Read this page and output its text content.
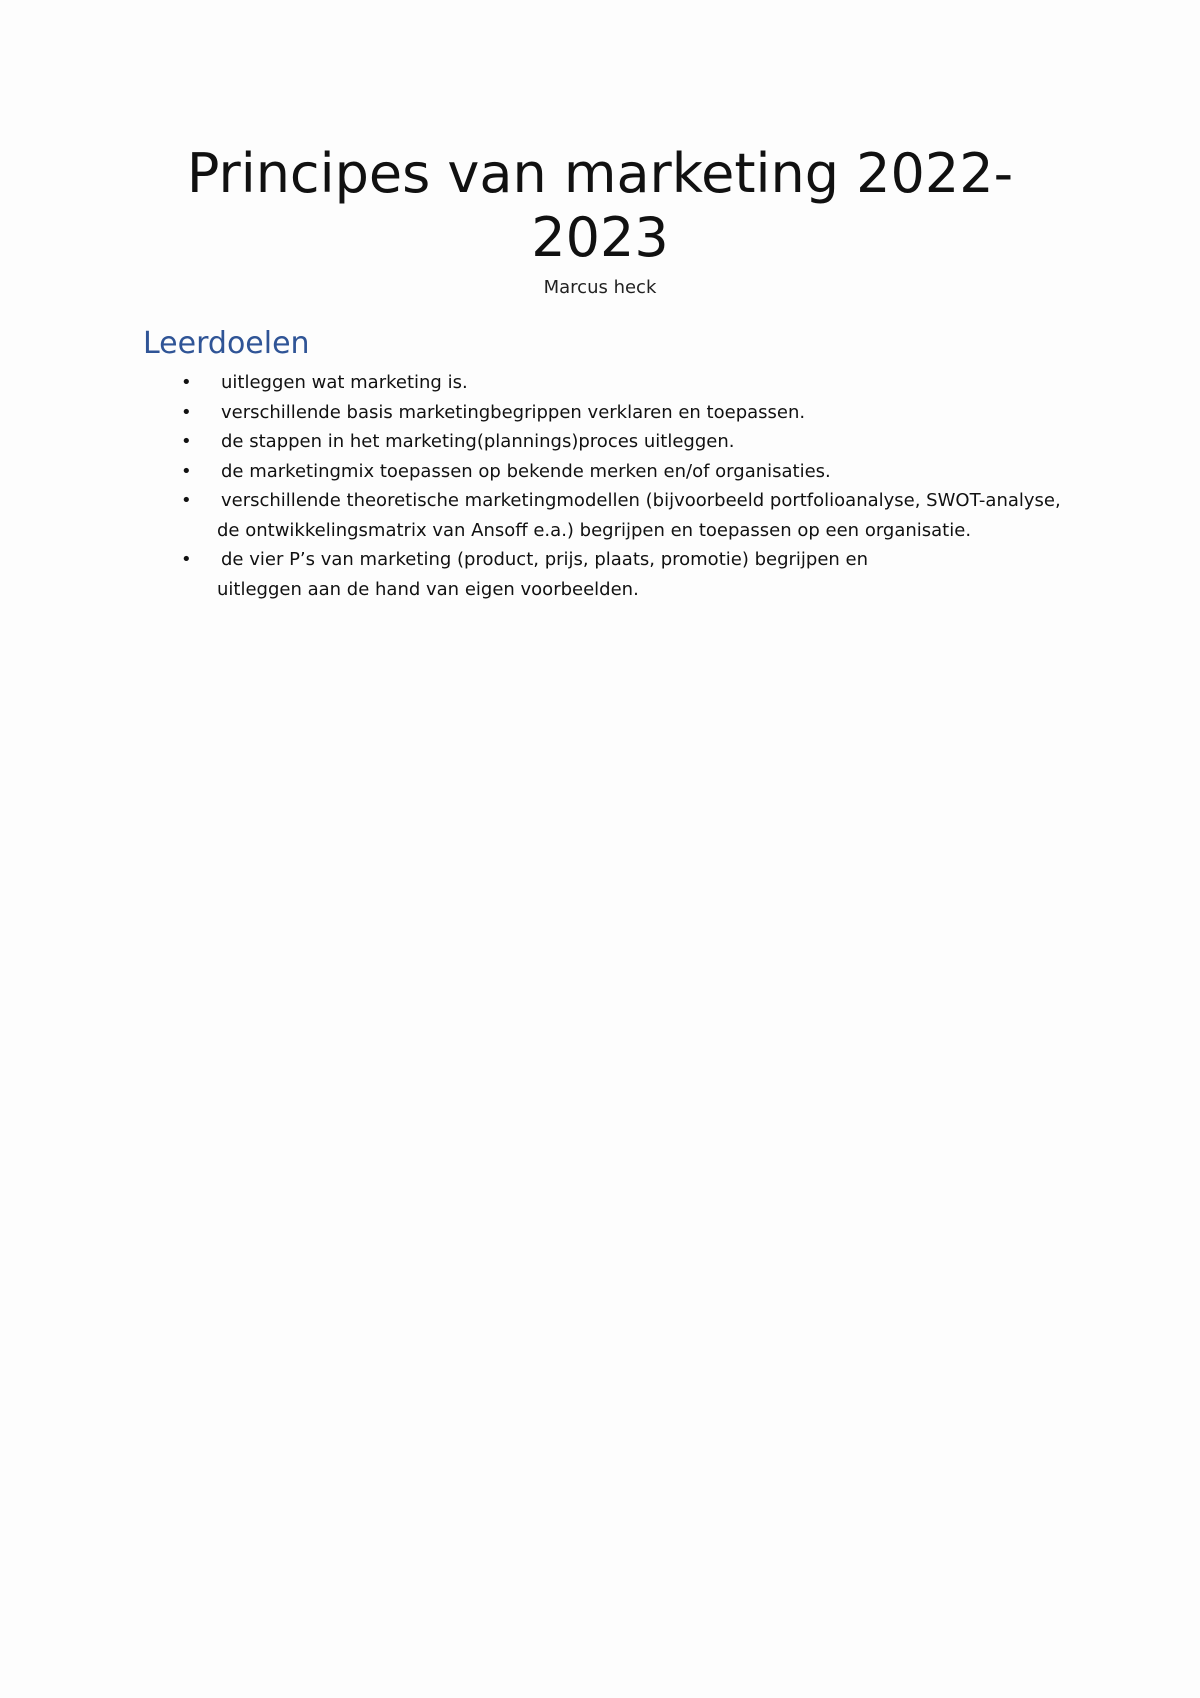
Principes van marketing 2022-
2023
Marcus heck
Leerdoelen
• uitleggen wat marketing is.
• verschillende basis marketingbegrippen verklaren en toepassen.
• de stappen in het marketing(plannings)proces uitleggen.
• de marketingmix toepassen op bekende merken en/of organisaties.
• verschillende theoretische marketingmodellen (bijvoorbeeld portfolioanalyse, SWOT-analyse,
de ontwikkelingsmatrix van Ansoff e.a.) begrijpen en toepassen op een organisatie.
• de vier P’s van marketing (product, prijs, plaats, promotie) begrijpen en
uitleggen aan de hand van eigen voorbeelden.
